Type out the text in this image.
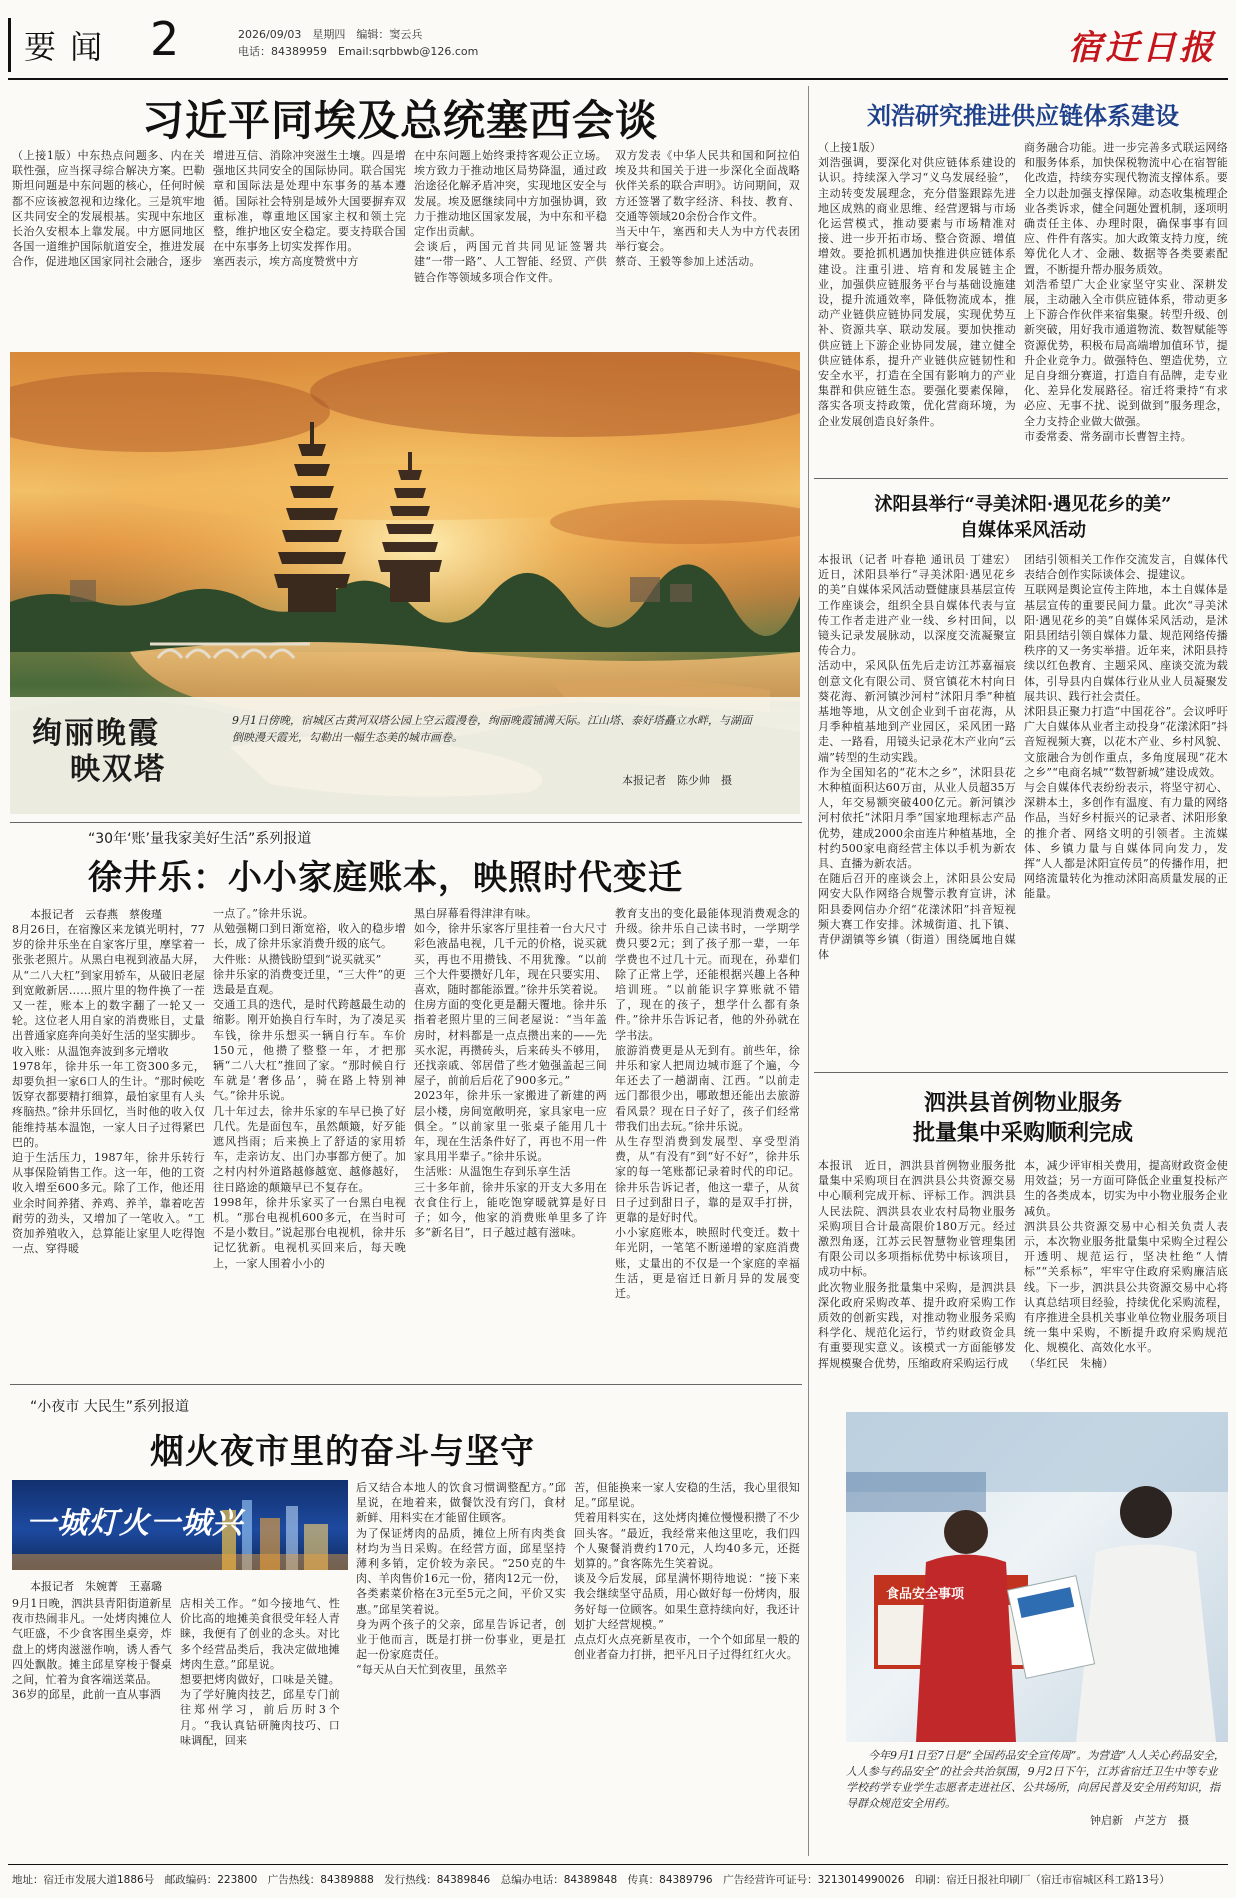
要 闻 2	2026/09/03　星期四　编辑：窦云兵
电话：84389959　Email:sqrbbwb@126.com	宿迁日报
习近平同埃及总统塞西会谈
（上接1版）中东热点问题多、内在关联性强，应当探寻综合解决方案。巴勒斯坦问题是中东问题的核心，任何时候都不应该被忽视和边缘化。三是筑牢地区共同安全的发展根基。实现中东地区长治久安根本上靠发展。中方愿同地区各国一道维护国际航道安全，推进发展合作，促进地区国家同社会融合，逐步
增进互信、消除冲突滋生土壤。四是增强地区共同安全的国际协同。联合国宪章和国际法是处理中东事务的基本遵循。国际社会特别是域外大国要摒弃双重标准，尊重地区国家主权和领土完整，维护地区安全稳定。要支持联合国在中东事务上切实发挥作用。
塞西表示，埃方高度赞赏中方
在中东问题上始终秉持客观公正立场。埃方致力于推动地区局势降温，通过政治途径化解矛盾冲突，实现地区安全与发展。埃及愿继续同中方加强协调，致力于推动地区国家发展，为中东和平稳定作出贡献。
会谈后，两国元首共同见证签署共建“一带一路”、人工智能、经贸、产供链合作等领域多项合作文件。
双方发表《中华人民共和国和阿拉伯埃及共和国关于进一步深化全面战略伙伴关系的联合声明》。访问期间，双方还签署了数字经济、科技、教育、交通等领域20余份合作文件。
当天中午，塞西和夫人为中方代表团举行宴会。
蔡奇、王毅等参加上述活动。
绚丽晚霞
映双塔
9月1日傍晚，宿城区古黄河双塔公园上空云霞漫卷，绚丽晚霞铺满天际。江山塔、泰好塔矗立水畔，与湖面倒映漫天霞光，勾勒出一幅生态美的城市画卷。
本报记者　陈少帅　摄
刘浩研究推进供应链体系建设
（上接1版）
刘浩强调，要深化对供应链体系建设的认识。持续深入学习“义乌发展经验”，主动转变发展理念，充分借鉴跟踪先进地区成熟的商业思维、经营逻辑与市场化运营模式，推动要素与市场精准对接、进一步开拓市场、整合资源、增值增效。要抢抓机遇加快推进供应链体系建设。注重引进、培育和发展链主企业，加强供应链服务平台与基础设施建设，提升流通效率，降低物流成本，推动产业链供应链协同发展，实现优势互补、资源共享、联动发展。要加快推动供应链上下游企业协同发展，建立健全供应链体系，提升产业链供应链韧性和安全水平，打造在全国有影响力的产业集群和供应链生态。要强化要素保障，落实各项支持政策，优化营商环境，为企业发展创造良好条件。
商务融合功能。进一步完善多式联运网络和服务体系，加快保税物流中心在宿智能化改造，持续夯实现代物流支撑体系。要全力以赴加强支撑保障。动态收集梳理企业各类诉求，健全问题处置机制，逐项明确责任主体、办理时限，确保事事有回应、件件有落实。加大政策支持力度，统筹优化人才、金融、数据等各类要素配置，不断提升帮办服务质效。
刘浩希望广大企业家坚守实业、深耕发展，主动融入全市供应链体系，带动更多上下游合作伙伴来宿集聚。转型升级、创新突破，用好我市通道物流、数智赋能等资源优势，积极布局高端增加值环节，提升企业竞争力。做强特色、塑造优势，立足自身细分赛道，打造自有品牌，走专业化、差异化发展路径。宿迁将秉持“有求必应、无事不扰、说到做到”服务理念，全力支持企业做大做强。
市委常委、常务副市长曹智主持。
沭阳县举行“寻美沭阳·遇见花乡的美”
自媒体采风活动
本报讯（记者 叶春艳 通讯员 丁建宏）近日，沭阳县举行“寻美沭阳·遇见花乡的美”自媒体采风活动暨健康县基层宣传工作座谈会，组织全县自媒体代表与宣传工作者走进产业一线、乡村田间，以镜头记录发展脉动，以深度交流凝聚宣传合力。
活动中，采风队伍先后走访江苏嘉福宸创意文化有限公司、贤官镇花木村向日葵花海、新河镇沙河村“沭阳月季”种植基地等地，从文创企业到千亩花海，从月季种植基地到产业园区，采风团一路走、一路看，用镜头记录花木产业向“云端”转型的生动实践。
作为全国知名的“花木之乡”，沭阳县花木种植面积达60万亩，从业人员超35万人，年交易额突破400亿元。新河镇沙河村依托“沭阳月季”国家地理标志产品优势，建成2000余亩连片种植基地，全村约500家电商经营主体以手机为新农具、直播为新农活。
在随后召开的座谈会上，沭阳县公安局网安大队作网络合规警示教育宣讲，沭阳县委网信办介绍“花漾沭阳”抖音短视频大赛工作安排。沭城街道、扎下镇、青伊湖镇等乡镇（街道）围绕属地自媒体
团结引领相关工作作交流发言，自媒体代表结合创作实际谈体会、提建议。
互联网是舆论宣传主阵地，本土自媒体是基层宣传的重要民间力量。此次“寻美沭阳·遇见花乡的美”自媒体采风活动，是沭阳县团结引领自媒体力量、规范网络传播秩序的又一务实举措。近年来，沭阳县持续以红色教育、主题采风、座谈交流为载体，引导县内自媒体行业从业人员凝聚发展共识、践行社会责任。
沭阳县正聚力打造“中国花谷”。会议呼吁广大自媒体从业者主动投身“花漾沭阳”抖音短视频大赛，以花木产业、乡村风貌、文旅融合为创作重点，多角度展现“花木之乡”“电商名城”“数智新城”建设成效。
与会自媒体代表纷纷表示，将坚守初心、深耕本土，多创作有温度、有力量的网络作品，当好乡村振兴的记录者、沭阳形象的推介者、网络文明的引领者。主流媒体、乡镇力量与自媒体同向发力，发挥“人人都是沭阳宣传员”的传播作用，把网络流量转化为推动沭阳高质量发展的正能量。
泗洪县首例物业服务
批量集中采购顺利完成
本报讯　近日，泗洪县首例物业服务批量集中采购项目在泗洪县公共资源交易中心顺利完成开标、评标工作。泗洪县人民法院、泗洪县农业农村局物业服务采购项目合计最高限价180万元。经过激烈角逐，江苏云民智慧物业管理集团有限公司以多项指标优势中标该项目，成功中标。
此次物业服务批量集中采购，是泗洪县深化政府采购改革、提升政府采购工作质效的创新实践，对推动物业服务采购科学化、规范化运行，节约财政资金具有重要现实意义。该模式一方面能够发挥规模聚合优势，压缩政府采购运行成
本，减少评审相关费用，提高财政资金使用效益；另一方面可降低企业重复投标产生的各类成本，切实为中小物业服务企业减负。
泗洪县公共资源交易中心相关负责人表示，本次物业服务批量集中采购全过程公开透明、规范运行，坚决杜绝“人情标”“关系标”，牢牢守住政府采购廉洁底线。下一步，泗洪县公共资源交易中心将认真总结项目经验，持续优化采购流程，有序推进全县机关事业单位物业服务项目统一集中采购，不断提升政府采购规范化、规模化、高效化水平。
（华红民　朱楠）
食品安全事项
今年9月1日至7日是“全国药品安全宣传周”。为营造“人人关心药品安全，人人参与药品安全”的社会共治氛围，9月2日下午，江苏省宿迁卫生中等专业学校药学专业学生志愿者走进社区、公共场所，向居民普及安全用药知识，指导群众规范安全用药。
钟启新　卢芝方　摄
“30年‘账’量我家美好生活”系列报道
徐井乐：小小家庭账本，映照时代变迁
本报记者　云春燕　蔡俊瑾
8月26日，在宿豫区来龙镇光明村，77岁的徐井乐坐在自家客厅里，摩挲着一张张老照片。从黑白电视到液晶大屏，从“二八大杠”到家用轿车，从破旧老屋到宽敞新居……照片里的物件换了一茬又一茬，账本上的数字翻了一轮又一轮。这位老人用自家的消费账目，丈量出普通家庭奔向美好生活的坚实脚步。
收入账：从温饱奔波到多元增收
1978年，徐井乐一年工资300多元，却要负担一家6口人的生计。“那时候吃饭穿衣都要精打细算，最怕家里有人头疼脑热。”徐井乐回忆，当时他的收入仅能维持基本温饱，一家人日子过得紧巴巴的。
迫于生活压力，1987年，徐井乐转行从事保险销售工作。这一年，他的工资收入增至600多元。除了工作，他还用业余时间养猪、养鸡、养羊，靠着吃苦耐劳的劲头，又增加了一笔收入。“工资加养殖收入，总算能让家里人吃得饱一点、穿得暖
一点了。”徐井乐说。
从勉强糊口到日渐宽裕，收入的稳步增长，成了徐井乐家消费升级的底气。
大件账：从攒钱盼望到“说买就买”
徐井乐家的消费变迁里，“三大件”的更迭最是直观。
交通工具的迭代，是时代跨越最生动的缩影。刚开始换自行车时，为了凑足买车钱，徐井乐想买一辆自行车。车价150元，他攒了整整一年，才把那辆“二八大杠”推回了家。“那时候自行车就是‘奢侈品’，骑在路上特别神气。”徐井乐说。
几十年过去，徐井乐家的车早已换了好几代。先是面包车，虽然颠簸，好歹能遮风挡雨；后来换上了舒适的家用轿车，走亲访友、出门办事都方便了。加之村内村外道路越修越宽、越修越好，往日路途的颠簸早已不复存在。
1998年，徐井乐家买了一台黑白电视机。“那台电视机600多元，在当时可不是小数目。”说起那台电视机，徐井乐记忆犹新。电视机买回来后，每天晚上，一家人围着小小的
黑白屏幕看得津津有味。
如今，徐井乐家客厅里挂着一台大尺寸彩色液晶电视，几千元的价格，说买就买，再也不用攒钱、不用犹豫。“以前三个大件要攒好几年，现在只要实用、喜欢，随时都能添置。”徐井乐笑着说。
住房方面的变化更是翻天覆地。徐井乐指着老照片里的三间老屋说：“当年盖房时，材料都是一点点攒出来的——先买水泥，再攒砖头，后来砖头不够用，还找亲戚、邻居借了些才勉强盖起三间屋子，前前后后花了900多元。”
2023年，徐井乐一家搬进了新建的两层小楼，房间宽敞明亮，家具家电一应俱全。“以前家里一张桌子能用几十年，现在生活条件好了，再也不用一件家具用半辈子。”徐井乐说。
生活账：从温饱生存到乐享生活
三十多年前，徐井乐家的开支大多用在衣食住行上，能吃饱穿暖就算是好日子；如今，他家的消费账单里多了许多“新名目”，日子越过越有滋味。
教育支出的变化最能体现消费观念的升级。徐井乐自己读书时，一学期学费只要2元；到了孩子那一辈，一年学费也不过几十元。而现在，孙辈们除了正常上学，还能根据兴趣上各种培训班。“以前能识字算账就不错了，现在的孩子，想学什么都有条件。”徐井乐告诉记者，他的外孙就在学书法。
旅游消费更是从无到有。前些年，徐井乐和家人把周边城市逛了个遍，今年还去了一趟湖南、江西。“以前走远门都很少出，哪敢想还能出去旅游看风景？现在日子好了，孩子们经常带我们出去玩。”徐井乐说。
从生存型消费到发展型、享受型消费，从“有没有”到“好不好”，徐井乐家的每一笔账都记录着时代的印记。徐井乐告诉记者，他这一辈子，从贫日子过到甜日子，靠的是双手打拼，更靠的是好时代。
小小家庭账本，映照时代变迁。数十年光阴，一笔笔不断递增的家庭消费账，丈量出的不仅是一个家庭的幸福生活，更是宿迁日新月异的发展变迁。
“小夜市 大民生”系列报道
烟火夜市里的奋斗与坚守
一城灯火一城兴
本报记者　朱婉菁　王嘉璐
9月1日晚，泗洪县青阳街道新星夜市热闹非凡。一处烤肉摊位人气旺盛，不少食客围坐桌旁，炸盘上的烤肉滋滋作响，诱人香气四处飘散。摊主邱星穿梭于餐桌之间，忙着为食客端送菜品。
36岁的邱星，此前一直从事酒
店相关工作。“如今接地气、性价比高的地摊美食很受年轻人青睐，我便有了创业的念头。对比多个经营品类后，我决定做地摊烤肉生意。”邱星说。
想要把烤肉做好，口味是关键。为了学好腌肉技艺，邱星专门前往郑州学习，前后历时3个月。“我认真钻研腌肉技巧、口味调配，回来
后又结合本地人的饮食习惯调整配方。”邱星说，在地着来，做餐饮没有窍门，食材新鲜、用料实在才能留住顾客。
为了保证烤肉的品质，摊位上所有肉类食材均为当日采购。在经营方面，邱星坚持薄利多销，定价较为亲民。“250克的牛肉、羊肉售价16元一份，猪肉12元一份，各类素菜价格在3元至5元之间，平价又实惠。”邱星笑着说。
身为两个孩子的父亲，邱星告诉记者，创业于他而言，既是打拼一份事业，更是扛起一份家庭责任。
“每天从白天忙到夜里，虽然辛
苦，但能换来一家人安稳的生活，我心里很知足。”邱星说。
凭着用料实在，这处烤肉摊位慢慢积攒了不少回头客。“最近，我经常来他这里吃，我们四个人聚餐消费约170元，人均40多元，还挺划算的。”食客陈先生笑着说。
谈及今后发展，邱星满怀期待地说：“接下来我会继续坚守品质，用心做好每一份烤肉，服务好每一位顾客。如果生意持续向好，我还计划扩大经营规模。”
点点灯火点亮新星夜市，一个个如邱星一般的创业者奋力打拼，把平凡日子过得红红火火。
地址：宿迁市发展大道1886号　邮政编码：223800　广告热线：84389888　发行热线：84389846　总编办电话：84389848　传真：84389796　广告经营许可证号：3213014990026　印刷：宿迁日报社印刷厂（宿迁市宿城区科工路13号）
